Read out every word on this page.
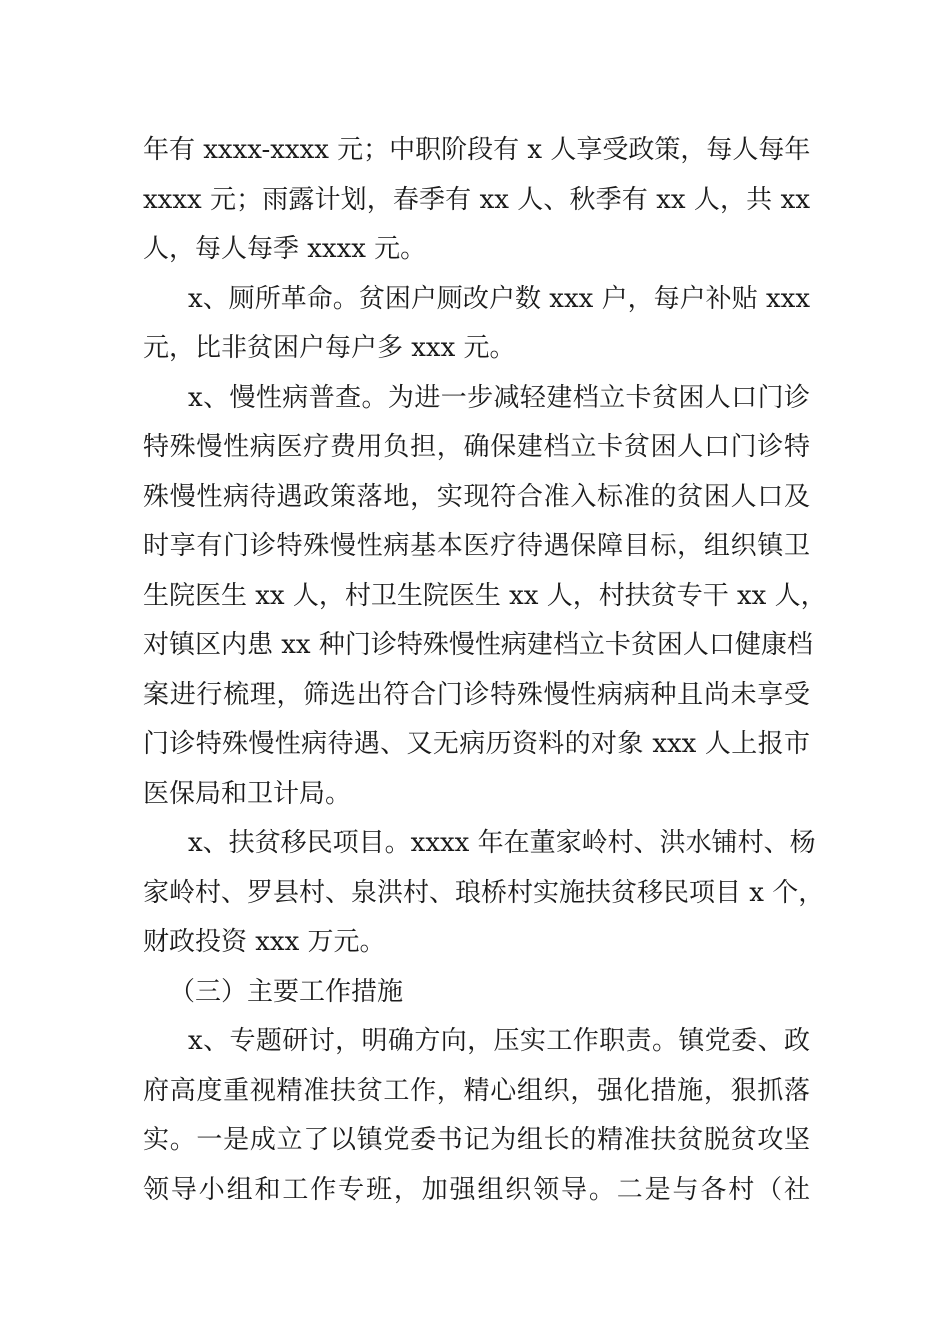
年有 xxxx-xxxx 元；中职阶段有 x 人享受政策，每人每年
xxxx 元；雨露计划，春季有 xx 人、秋季有 xx 人，共 xx
人，每人每季 xxxx 元。
x、厕所革命。贫困户厕改户数 xxx 户，每户补贴 xxx
元，比非贫困户每户多 xxx 元。
x、慢性病普查。为进一步减轻建档立卡贫困人口门诊
特殊慢性病医疗费用负担，确保建档立卡贫困人口门诊特
殊慢性病待遇政策落地，实现符合准入标准的贫困人口及
时享有门诊特殊慢性病基本医疗待遇保障目标，组织镇卫
生院医生 xx 人，村卫生院医生 xx 人，村扶贫专干 xx 人，
对镇区内患 xx 种门诊特殊慢性病建档立卡贫困人口健康档
案进行梳理，筛选出符合门诊特殊慢性病病种且尚未享受
门诊特殊慢性病待遇、又无病历资料的对象 xxx 人上报市
医保局和卫计局。
x、扶贫移民项目。xxxx 年在董家岭村、洪水铺村、杨
家岭村、罗县村、泉洪村、琅桥村实施扶贫移民项目 x 个，
财政投资 xxx 万元。
（三）主要工作措施
x、专题研讨，明确方向，压实工作职责。镇党委、政
府高度重视精准扶贫工作，精心组织，强化措施，狠抓落
实。一是成立了以镇党委书记为组长的精准扶贫脱贫攻坚
领导小组和工作专班，加强组织领导。二是与各村（社
